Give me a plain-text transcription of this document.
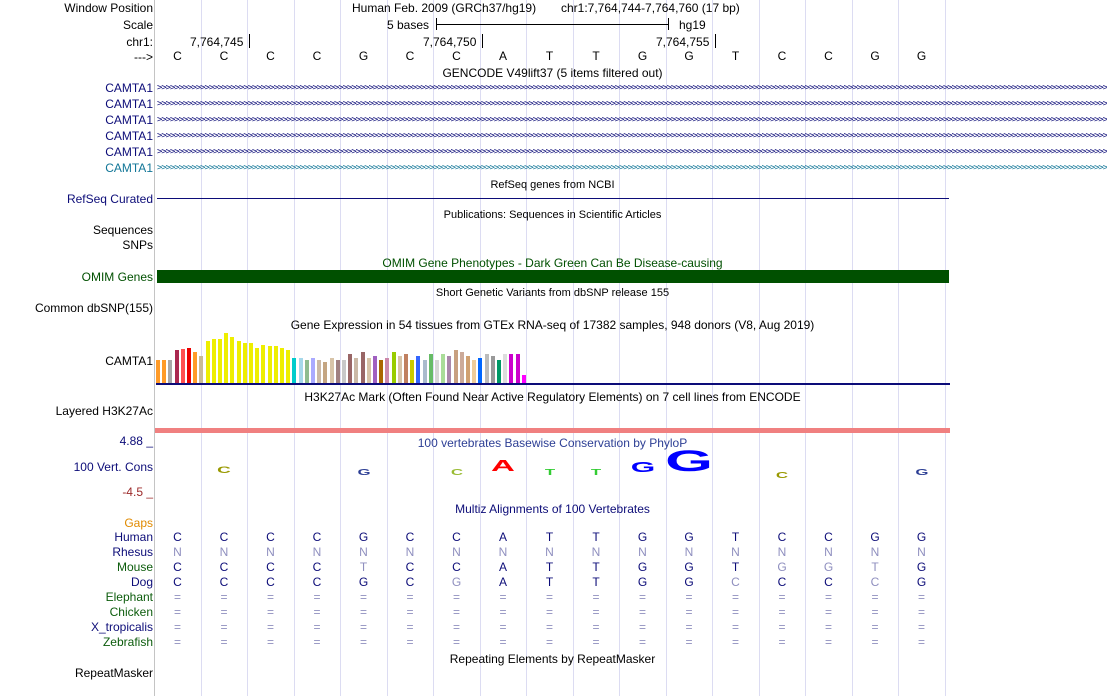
Window Position
Scale
chr1:
--->
Human Feb. 2009 (GRCh37/hg19) chr1:7,764,744-7,764,760 (17 bp)
5 bases	hg19
7,764,745	7,764,750	7,764,755
C	C	C	C	G	C	C	A	T	T	G	G	T	C	C	G	G
GENCODE V49lift37 (5 items filtered out)
CAMTA1 >>>>>>>>>>>>>>>>>>>>>>>>>>>>>>>>>>>>>>>>>>>>>>>>>>>>>>>>>>>>>>>>>>>>>>>>>>>>>>>>>>>>>>>>>>>>>>>>>>>>>>>>>>>>>>>>>>>>>>>>>>>>>>>>>>>>>>>>>>>>>>>>>>>>>>>>>>>>>>>>>>>>>>>>>>>>>>>>>>>>>>>>>>>>>>>>>>>>>>>>>>>>>>>>>>>>>>>>>>>>
CAMTA1 >>>>>>>>>>>>>>>>>>>>>>>>>>>>>>>>>>>>>>>>>>>>>>>>>>>>>>>>>>>>>>>>>>>>>>>>>>>>>>>>>>>>>>>>>>>>>>>>>>>>>>>>>>>>>>>>>>>>>>>>>>>>>>>>>>>>>>>>>>>>>>>>>>>>>>>>>>>>>>>>>>>>>>>>>>>>>>>>>>>>>>>>>>>>>>>>>>>>>>>>>>>>>>>>>>>>>>>>>>>>
CAMTA1 >>>>>>>>>>>>>>>>>>>>>>>>>>>>>>>>>>>>>>>>>>>>>>>>>>>>>>>>>>>>>>>>>>>>>>>>>>>>>>>>>>>>>>>>>>>>>>>>>>>>>>>>>>>>>>>>>>>>>>>>>>>>>>>>>>>>>>>>>>>>>>>>>>>>>>>>>>>>>>>>>>>>>>>>>>>>>>>>>>>>>>>>>>>>>>>>>>>>>>>>>>>>>>>>>>>>>>>>>>>>
CAMTA1 >>>>>>>>>>>>>>>>>>>>>>>>>>>>>>>>>>>>>>>>>>>>>>>>>>>>>>>>>>>>>>>>>>>>>>>>>>>>>>>>>>>>>>>>>>>>>>>>>>>>>>>>>>>>>>>>>>>>>>>>>>>>>>>>>>>>>>>>>>>>>>>>>>>>>>>>>>>>>>>>>>>>>>>>>>>>>>>>>>>>>>>>>>>>>>>>>>>>>>>>>>>>>>>>>>>>>>>>>>>>
CAMTA1 >>>>>>>>>>>>>>>>>>>>>>>>>>>>>>>>>>>>>>>>>>>>>>>>>>>>>>>>>>>>>>>>>>>>>>>>>>>>>>>>>>>>>>>>>>>>>>>>>>>>>>>>>>>>>>>>>>>>>>>>>>>>>>>>>>>>>>>>>>>>>>>>>>>>>>>>>>>>>>>>>>>>>>>>>>>>>>>>>>>>>>>>>>>>>>>>>>>>>>>>>>>>>>>>>>>>>>>>>>>>
CAMTA1 >>>>>>>>>>>>>>>>>>>>>>>>>>>>>>>>>>>>>>>>>>>>>>>>>>>>>>>>>>>>>>>>>>>>>>>>>>>>>>>>>>>>>>>>>>>>>>>>>>>>>>>>>>>>>>>>>>>>>>>>>>>>>>>>>>>>>>>>>>>>>>>>>>>>>>>>>>>>>>>>>>>>>>>>>>>>>>>>>>>>>>>>>>>>>>>>>>>>>>>>>>>>>>>>>>>>>>>>>>>>
RefSeq genes from NCBI
RefSeq Curated
Publications: Sequences in Scientific Articles
Sequences
SNPs
OMIM Gene Phenotypes - Dark Green Can Be Disease-causing
OMIM Genes
Short Genetic Variants from dbSNP release 155
Common dbSNP(155)
Gene Expression in 54 tissues from GTEx RNA-seq of 17382 samples, 948 donors (V8, Aug 2019)
CAMTA1
H3K27Ac Mark (Often Found Near Active Regulatory Elements) on 7 cell lines from ENCODE
Layered H3K27Ac
100 vertebrates Basewise Conservation by PhyloP
4.88 _
100 Vert. Cons
-4.5 _
C	G	C	A	T	T	G G	C	G
Multiz Alignments of 100 Vertebrates
Gaps
Human	C	C	C	C	G	C	C	A	T	T	G	G	T	C	C	G	G
Rhesus	N	N	N	N	N	N	N	N	N	N	N	N	N	N	N	N	N
Mouse	C	C	C	C	T	C	C	A	T	T	G	G	T	G	G	T	G
Dog	C	C	C	C	G	C	G	A	T	T	G	G	C	C	C	C	G
Elephant	=	=	=	=	=	=	=	=	=	=	=	=	=	=	=	=	=
Chicken	=	=	=	=	=	=	=	=	=	=	=	=	=	=	=	=	=
X_tropicalis	=	=	=	=	=	=	=	=	=	=	=	=	=	=	=	=	=
Zebrafish	=	=	=	=	=	=	=	=	=	=	=	=	=	=	=	=	=
Repeating Elements by RepeatMasker
RepeatMasker
